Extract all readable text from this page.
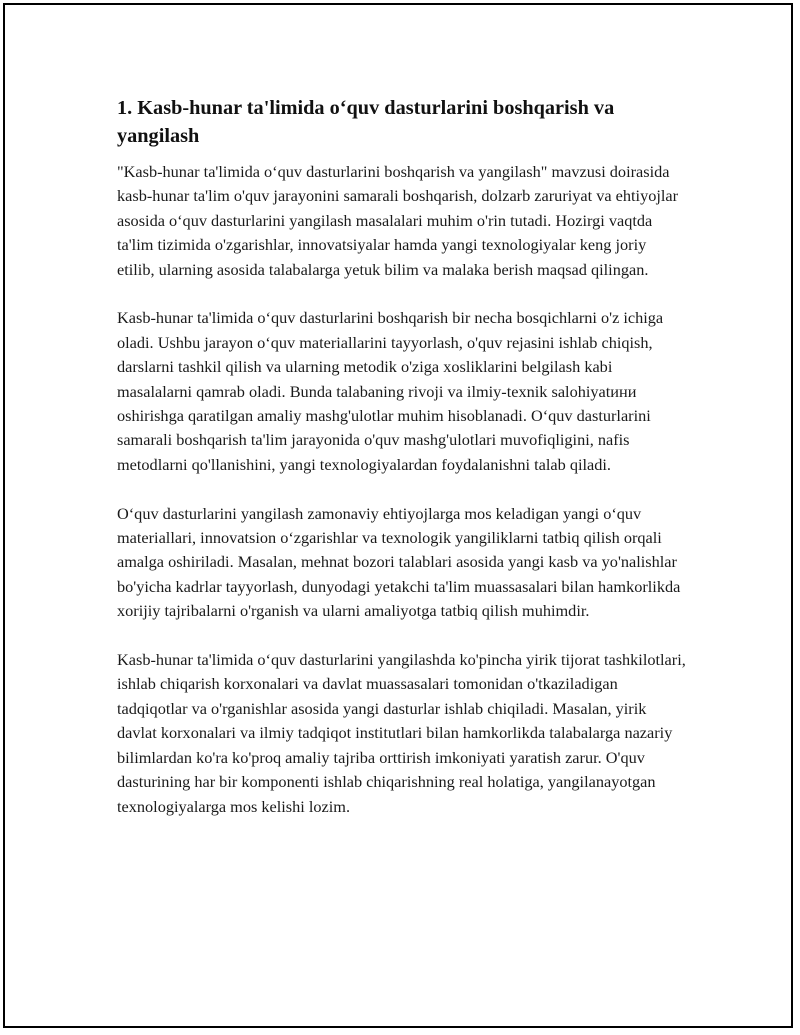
1. Kasb-hunar ta'limida o‘quv dasturlarini boshqarish va yangilash

"Kasb-hunar ta'limida o‘quv dasturlarini boshqarish va yangilash" mavzusi doirasida kasb-hunar ta'lim o'quv jarayonini samarali boshqarish, dolzarb zaruriyat va ehtiyojlar asosida o‘quv dasturlarini yangilash masalalari muhim o'rin tutadi. Hozirgi vaqtda ta'lim tizimida o'zgarishlar, innovatsiyalar hamda yangi texnologiyalar keng joriy etilib, ularning asosida talabalarga yetuk bilim va malaka berish maqsad qilingan.

Kasb-hunar ta'limida o‘quv dasturlarini boshqarish bir necha bosqichlarni o'z ichiga oladi. Ushbu jarayon o‘quv materiallarini tayyorlash, o'quv rejasini ishlab chiqish, darslarni tashkil qilish va ularning metodik o'ziga xosliklarini belgilash kabi masalalarni qamrab oladi. Bunda talabaning rivoji va ilmiy-texnik salohiyatини oshirishga qaratilgan amaliy mashg'ulotlar muhim hisoblanadi. O‘quv dasturlarini samarali boshqarish ta'lim jarayonida o'quv mashg'ulotlari muvofiqligini, nafis metodlarni qo'llanishini, yangi texnologiyalardan foydalanishni talab qiladi.

O‘quv dasturlarini yangilash zamonaviy ehtiyojlarga mos keladigan yangi o‘quv materiallari, innovatsion o‘zgarishlar va texnologik yangiliklarni tatbiq qilish orqali amalga oshiriladi. Masalan, mehnat bozori talablari asosida yangi kasb va yo'nalishlar bo'yicha kadrlar tayyorlash, dunyodagi yetakchi ta'lim muassasalari bilan hamkorlikda xorijiy tajribalarni o'rganish va ularni amaliyotga tatbiq qilish muhimdir.

Kasb-hunar ta'limida o‘quv dasturlarini yangilashda ko'pincha yirik tijorat tashkilotlari, ishlab chiqarish korxonalari va davlat muassasalari tomonidan o'tkaziladigan tadqiqotlar va o'rganishlar asosida yangi dasturlar ishlab chiqiladi. Masalan, yirik davlat korxonalari va ilmiy tadqiqot institutlari bilan hamkorlikda talabalarga nazariy bilimlardan ko'ra ko'proq amaliy tajriba orttirish imkoniyati yaratish zarur. O'quv dasturining har bir komponenti ishlab chiqarishning real holatiga, yangilanayotgan texnologiyalarga mos kelishi lozim.
